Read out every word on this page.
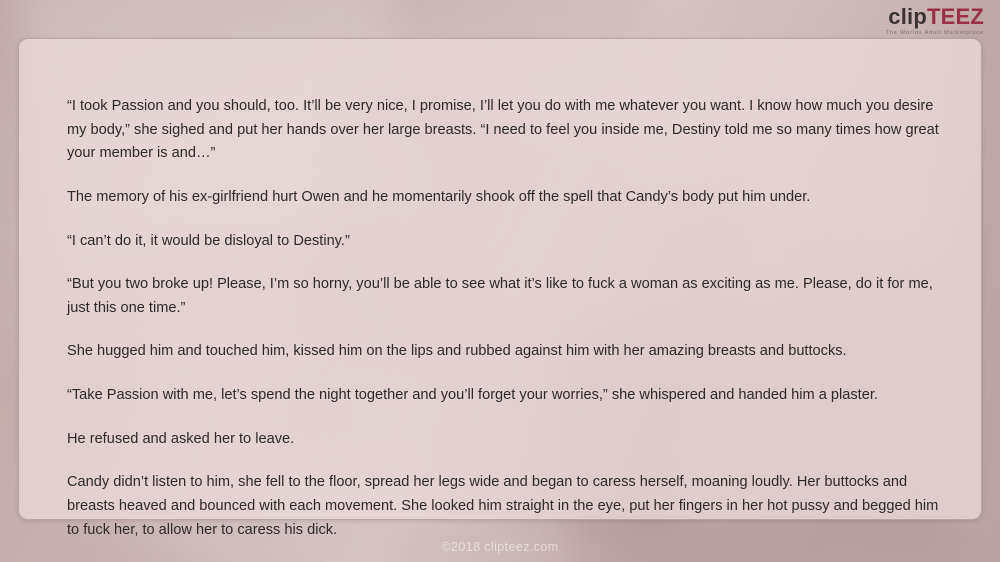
clipTEEZ
The Worlds Adult Marketplace

“I took Passion and you should, too. It’ll be very nice, I promise, I’ll let you do with me whatever you want. I know how much you desire my body,” she sighed and put her hands over her large breasts. “I need to feel you inside me, Destiny told me so many times how great your member is and…”

The memory of his ex-girlfriend hurt Owen and he momentarily shook off the spell that Candy’s body put him under.

“I can’t do it, it would be disloyal to Destiny.”

“But you two broke up! Please, I’m so horny, you’ll be able to see what it’s like to fuck a woman as exciting as me. Please, do it for me, just this one time.”

She hugged him and touched him, kissed him on the lips and rubbed against him with her amazing breasts and buttocks.

“Take Passion with me, let’s spend the night together and you’ll forget your worries,” she whispered and handed him a plaster.

He refused and asked her to leave.

Candy didn’t listen to him, she fell to the floor, spread her legs wide and began to caress herself, moaning loudly. Her buttocks and breasts heaved and bounced with each movement. She looked him straight in the eye, put her fingers in her hot pussy and begged him to fuck her, to allow her to caress his dick.

©2018 clipteez.com
